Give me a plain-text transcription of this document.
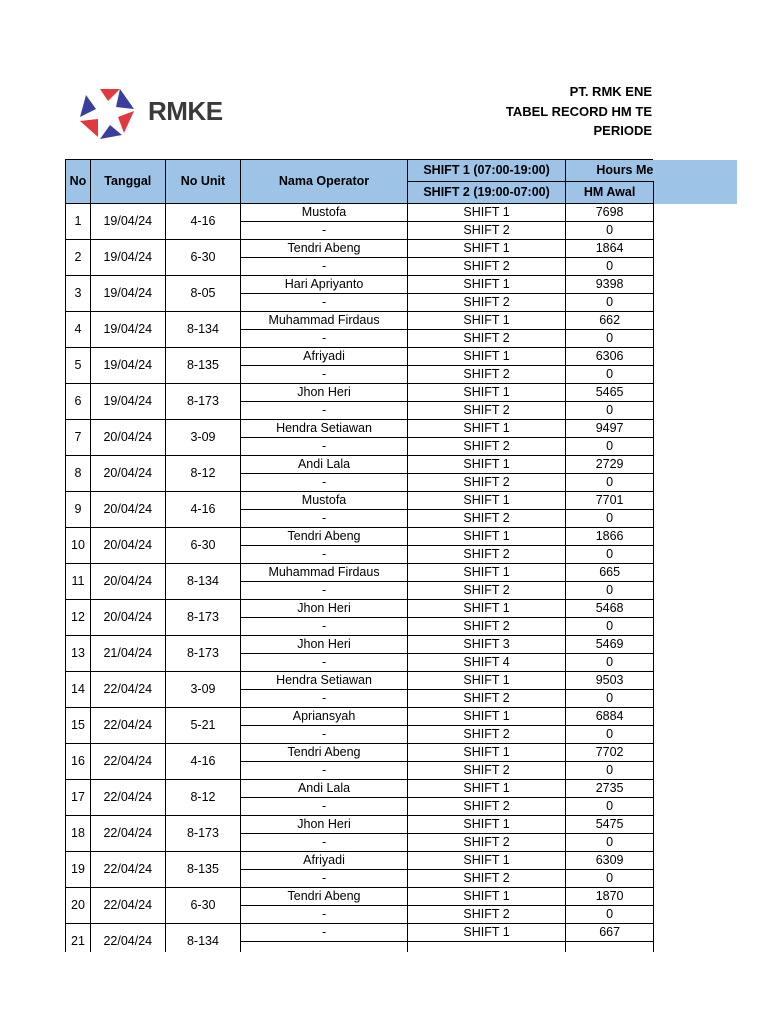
RMKE
PT. RMK ENE
TABEL RECORD HM TE
PERIODE
No	Tanggal	No Unit	Nama Operator	SHIFT 1 (07:00-19:00)	Hours Me	
				SHIFT 2 (19:00-07:00)	HM Awal	
1	19/04/24	4-16	Mustofa	SHIFT 1	7698	
			-	SHIFT 2	0	
2	19/04/24	6-30	Tendri Abeng	SHIFT 1	1864	
			-	SHIFT 2	0	
3	19/04/24	8-05	Hari Apriyanto	SHIFT 1	9398	
			-	SHIFT 2	0	
4	19/04/24	8-134	Muhammad Firdaus	SHIFT 1	662	
			-	SHIFT 2	0	
5	19/04/24	8-135	Afriyadi	SHIFT 1	6306	
			-	SHIFT 2	0	
6	19/04/24	8-173	Jhon Heri	SHIFT 1	5465	
			-	SHIFT 2	0	
7	20/04/24	3-09	Hendra Setiawan	SHIFT 1	9497	
			-	SHIFT 2	0	
8	20/04/24	8-12	Andi Lala	SHIFT 1	2729	
			-	SHIFT 2	0	
9	20/04/24	4-16	Mustofa	SHIFT 1	7701	
			-	SHIFT 2	0	
10	20/04/24	6-30	Tendri Abeng	SHIFT 1	1866	
			-	SHIFT 2	0	
11	20/04/24	8-134	Muhammad Firdaus	SHIFT 1	665	
			-	SHIFT 2	0	
12	20/04/24	8-173	Jhon Heri	SHIFT 1	5468	
			-	SHIFT 2	0	
13	21/04/24	8-173	Jhon Heri	SHIFT 3	5469	
			-	SHIFT 4	0	
14	22/04/24	3-09	Hendra Setiawan	SHIFT 1	9503	
			-	SHIFT 2	0	
15	22/04/24	5-21	Apriansyah	SHIFT 1	6884	
			-	SHIFT 2	0	
16	22/04/24	4-16	Tendri Abeng	SHIFT 1	7702	
			-	SHIFT 2	0	
17	22/04/24	8-12	Andi Lala	SHIFT 1	2735	
			-	SHIFT 2	0	
18	22/04/24	8-173	Jhon Heri	SHIFT 1	5475	
			-	SHIFT 2	0	
19	22/04/24	8-135	Afriyadi	SHIFT 1	6309	
			-	SHIFT 2	0	
20	22/04/24	6-30	Tendri Abeng	SHIFT 1	1870	
			-	SHIFT 2	0	
21	22/04/24	8-134	-	SHIFT 1	667	
